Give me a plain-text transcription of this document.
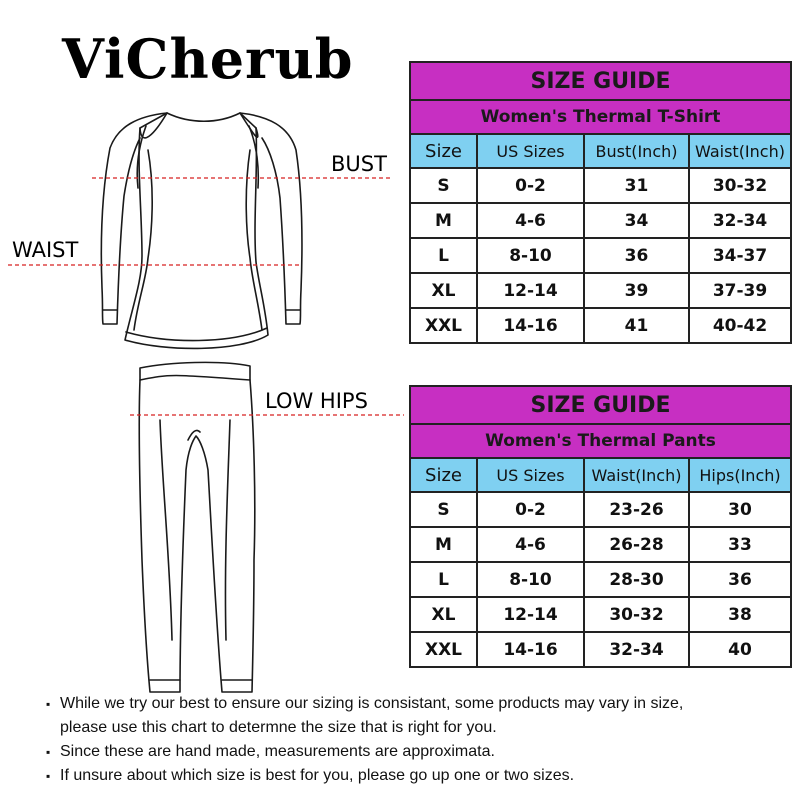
ViCherub
BUST
WAIST
LOW HIPS
SIZE GUIDE			
Women's Thermal T-Shirt			
Size	US Sizes	Bust(Inch)	Waist(Inch)
S	0-2	31	30-32
M	4-6	34	32-34
L	8-10	36	34-37
XL	12-14	39	37-39
XXL	14-16	41	40-42
SIZE GUIDE			
Women's Thermal Pants			
Size	US Sizes	Waist(Inch)	Hips(Inch)
S	0-2	23-26	30
M	4-6	26-28	33
L	8-10	28-30	36
XL	12-14	30-32	38
XXL	14-16	32-34	40
▪ While we try our best to ensure our sizing is consistant, some products may vary in size,
please use this chart to determne the size that is right for you.
▪ Since these are hand made, measurements are approximata.
▪ If unsure about which size is best for you, please go up one or two sizes.
